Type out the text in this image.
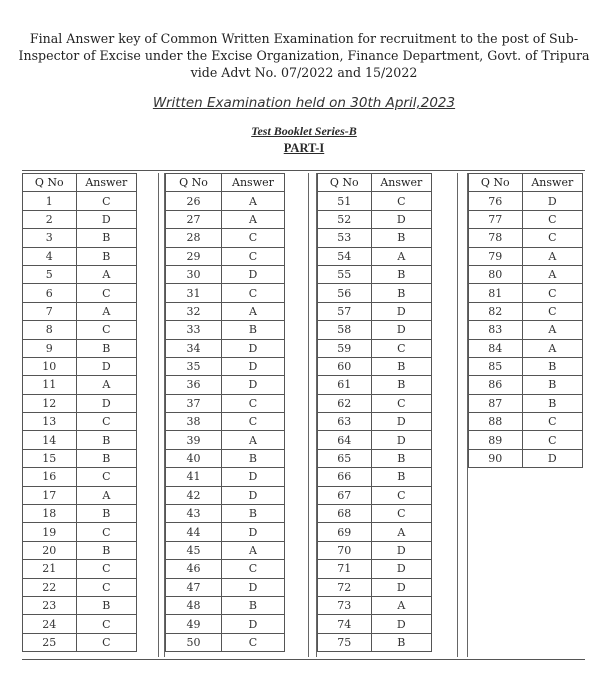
Final Answer key of Common Written Examination for recruitment to the post of Sub-
Inspector of Excise under the Excise Organization, Finance Department, Govt. of Tripura
vide Advt No. 07/2022 and 15/2022
Written Examination held on 30th April,2023
Test Booklet Series-B
PART-I
Q No	Answer
1	C
2	D
3	B
4	B
5	A
6	C
7	A
8	C
9	B
10	D
11	A
12	D
13	C
14	B
15	B
16	C
17	A
18	B
19	C
20	B
21	C
22	C
23	B
24	C
25	C
Q No	Answer
26	A
27	A
28	C
29	C
30	D
31	C
32	A
33	B
34	D
35	D
36	D
37	C
38	C
39	A
40	B
41	D
42	D
43	B
44	D
45	A
46	C
47	D
48	B
49	D
50	C
Q No	Answer
51	C
52	D
53	B
54	A
55	B
56	B
57	D
58	D
59	C
60	B
61	B
62	C
63	D
64	D
65	B
66	B
67	C
68	C
69	A
70	D
71	D
72	D
73	A
74	D
75	B
Q No	Answer
76	D
77	C
78	C
79	A
80	A
81	C
82	C
83	A
84	A
85	B
86	B
87	B
88	C
89	C
90	D
